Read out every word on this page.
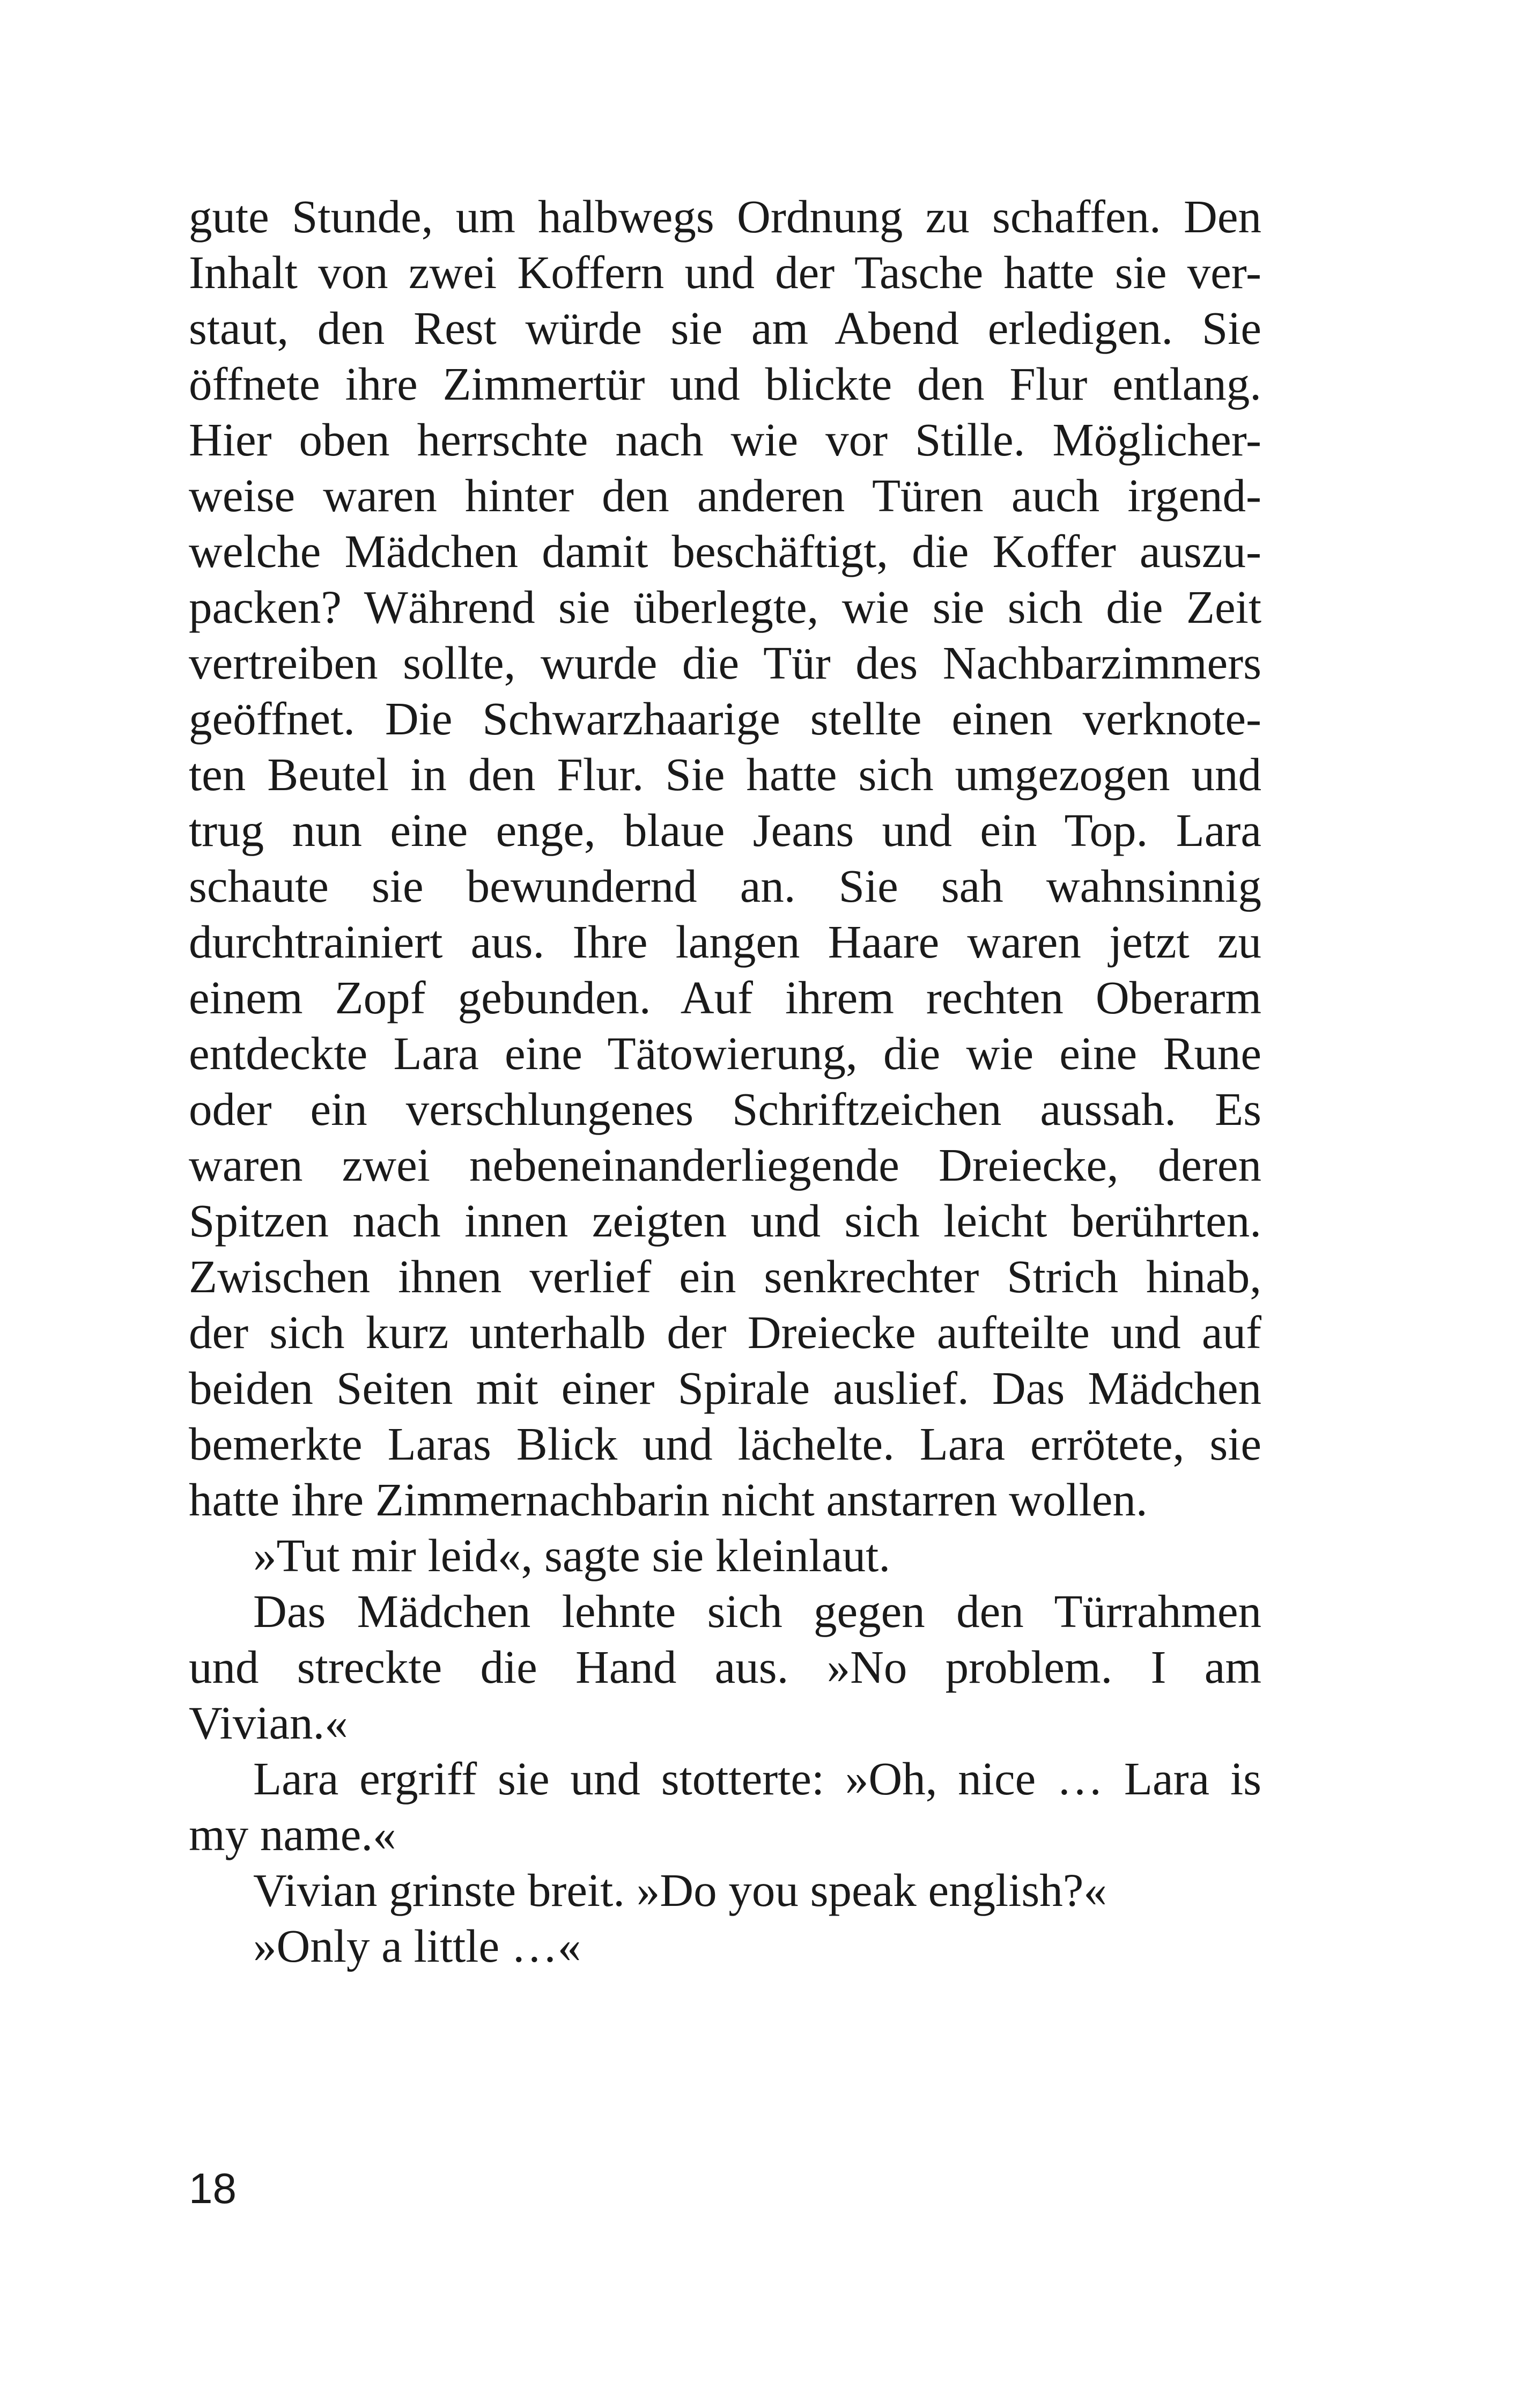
gute Stunde, um halbwegs Ordnung zu schaffen. Den
Inhalt von zwei Koffern und der Tasche hatte sie ver-
staut, den Rest würde sie am Abend erledigen. Sie
öffnete ihre Zimmertür und blickte den Flur entlang.
Hier oben herrschte nach wie vor Stille. Möglicher-
weise waren hinter den anderen Türen auch irgend-
welche Mädchen damit beschäftigt, die Koffer auszu-
packen? Während sie überlegte, wie sie sich die Zeit
vertreiben sollte, wurde die Tür des Nachbarzimmers
geöffnet. Die Schwarzhaarige stellte einen verknote-
ten Beutel in den Flur. Sie hatte sich umgezogen und
trug nun eine enge, blaue Jeans und ein Top. Lara
schaute sie bewundernd an. Sie sah wahnsinnig
durchtrainiert aus. Ihre langen Haare waren jetzt zu
einem Zopf gebunden. Auf ihrem rechten Oberarm
entdeckte Lara eine Tätowierung, die wie eine Rune
oder ein verschlungenes Schriftzeichen aussah. Es
waren zwei nebeneinanderliegende Dreiecke, deren
Spitzen nach innen zeigten und sich leicht berührten.
Zwischen ihnen verlief ein senkrechter Strich hinab,
der sich kurz unterhalb der Dreiecke aufteilte und auf
beiden Seiten mit einer Spirale auslief. Das Mädchen
bemerkte Laras Blick und lächelte. Lara errötete, sie
hatte ihre Zimmernachbarin nicht anstarren wollen.
»Tut mir leid«, sagte sie kleinlaut.
Das Mädchen lehnte sich gegen den Türrahmen
und streckte die Hand aus. »No problem. I am
Vivian.«
Lara ergriff sie und stotterte: »Oh, nice … Lara is
my name.«
Vivian grinste breit. »Do you speak english?«
»Only a little …«
18
